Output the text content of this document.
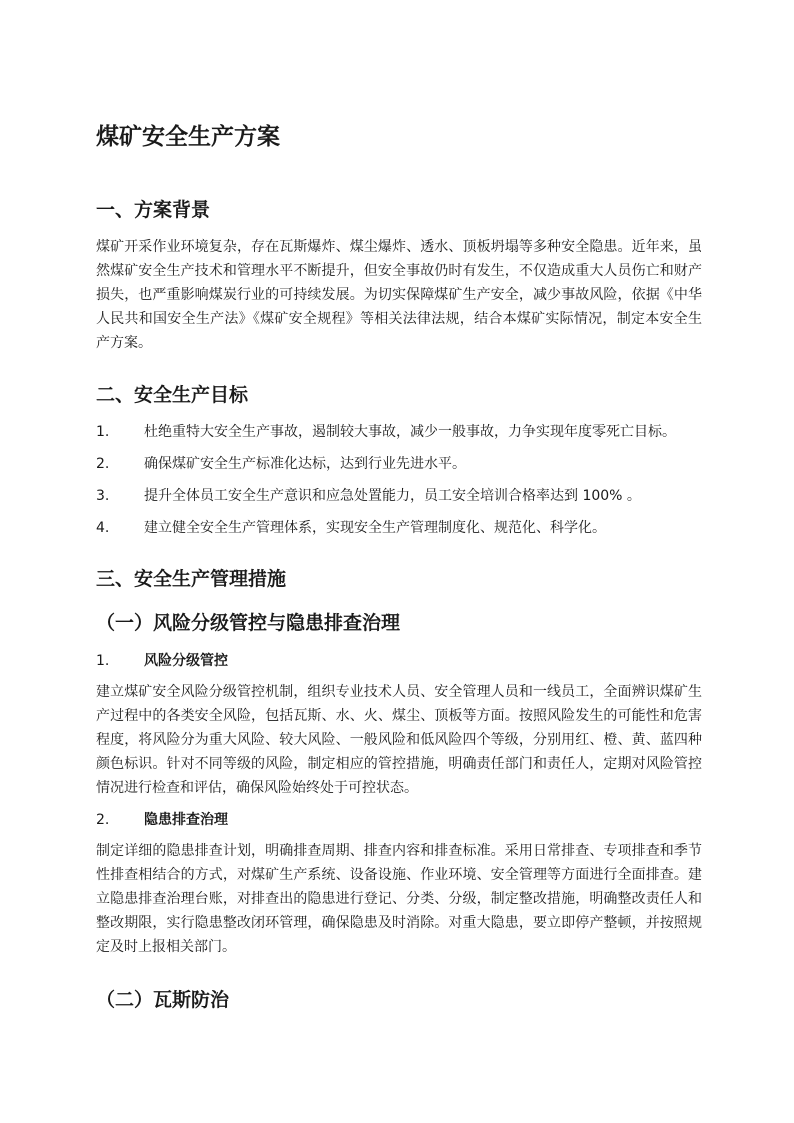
煤矿安全生产方案
一、方案背景

煤矿开采作业环境复杂，存在瓦斯爆炸、煤尘爆炸、透水、顶板坍塌等多种安全隐患。近年来，虽然煤矿安全生产技术和管理水平不断提升，但安全事故仍时有发生，不仅造成重大人员伤亡和财产损失，也严重影响煤炭行业的可持续发展。为切实保障煤矿生产安全，减少事故风险，依据《中华人民共和国安全生产法》《煤矿安全规程》等相关法律法规，结合本煤矿实际情况，制定本安全生产方案。

二、安全生产目标
1.	杜绝重特大安全生产事故，遏制较大事故，减少一般事故，力争实现年度零死亡目标。
2.	确保煤矿安全生产标准化达标，达到行业先进水平。
3.	提升全体员工安全生产意识和应急处置能力，员工安全培训合格率达到 100% 。
4.	建立健全安全生产管理体系，实现安全生产管理制度化、规范化、科学化。
三、安全生产管理措施
（一）风险分级管控与隐患排查治理
1.	风险分级管控

建立煤矿安全风险分级管控机制，组织专业技术人员、安全管理人员和一线员工，全面辨识煤矿生产过程中的各类安全风险，包括瓦斯、水、火、煤尘、顶板等方面。按照风险发生的可能性和危害程度，将风险分为重大风险、较大风险、一般风险和低风险四个等级，分别用红、橙、黄、蓝四种颜色标识。针对不同等级的风险，制定相应的管控措施，明确责任部门和责任人，定期对风险管控情况进行检查和评估，确保风险始终处于可控状态。

2.	隐患排查治理

制定详细的隐患排查计划，明确排查周期、排查内容和排查标准。采用日常排查、专项排查和季节性排查相结合的方式，对煤矿生产系统、设备设施、作业环境、安全管理等方面进行全面排查。建立隐患排查治理台账，对排查出的隐患进行登记、分类、分级，制定整改措施，明确整改责任人和整改期限，实行隐患整改闭环管理，确保隐患及时消除。对重大隐患，要立即停产整顿，并按照规定及时上报相关部门。

（二）瓦斯防治
